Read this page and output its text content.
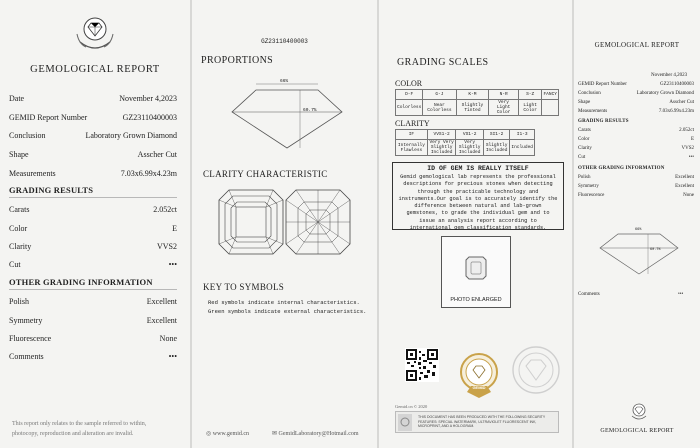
GEMOLOGICAL REPORT
Date	November 4,2023
GEMID Report Number	GZ23110400003
Conclusion	Laboratory Grown Diamond
Shape	Asscher Cut
Measurements	7.03x6.99x4.23m
GRADING RESULTS
Carats	2.052ct
Color	E
Clarity	VVS2
Cut	•••
OTHER GRADING INFORMATION
Polish	Excellent
Symmetry	Excellent
Fluorescence	None
Comments	•••
This report only relates to the sample referred to within,
photocopy, reproduction and alteration are invalid.
GZ23110400003
PROPORTIONS
66%
60.7%
CLARITY CHARACTERISTIC
KEY TO SYMBOLS
Red symbols indicate internal characteristics.
Green symbols indicate external characteristics.
◎ www.gemid.cn	✉ GemidLaboratory@Hotmail.com
GRADING SCALES
COLOR
D-F	G-J	K-M	N-R	S-Z	FANCY
Colorless	Near Colorless	Slightly Tinted	Very Light Color	Light Color	
CLARITY
IF	VVS1-2	VS1-2	SI1-2	I1-3
Internally Flawless	Very Very Slightly Included	Very Slightly Included	Slightly Included	Included
ID OF GEM IS REALLY ITSELF
Gemid gemological lab represents the professional descriptions for precious stones when detecting through the practicable technology and instruments.Our goal is to accurately identify the difference between natural and lab-grown gemstones, to grade the individual gem and to issue an analysis report according to international gem classification standards.
PHOTO ENLARGED
GEMID
Gemid.cn © 2020
THIS DOCUMENT HAS BEEN PRODUCED WITH THE FOLLOWING SECURITY FEATURES: SPECIAL WATERMARK, ULTRAVIOLET FLUORESCENT INK, MICROPRINT, AND A HOLOGRAM.
GEMOLOGICAL REPORT
November 4,2023
GEMID Report Number	GZ23110400003
Conclusion	Laboratory Grown Diamond
Shape	Asscher Cut
Measurements	7.03x6.99x4.23m
GRADING RESULTS
Carats	2.052ct
Color	E
Clarity	VVS2
Cut	•••
OTHER GRADING INFORMATION
Polish	Excellent
Symmetry	Excellent
Fluorescence	None
66%
60.7%
Comments	•••
GEMOLOGICAL REPORT
